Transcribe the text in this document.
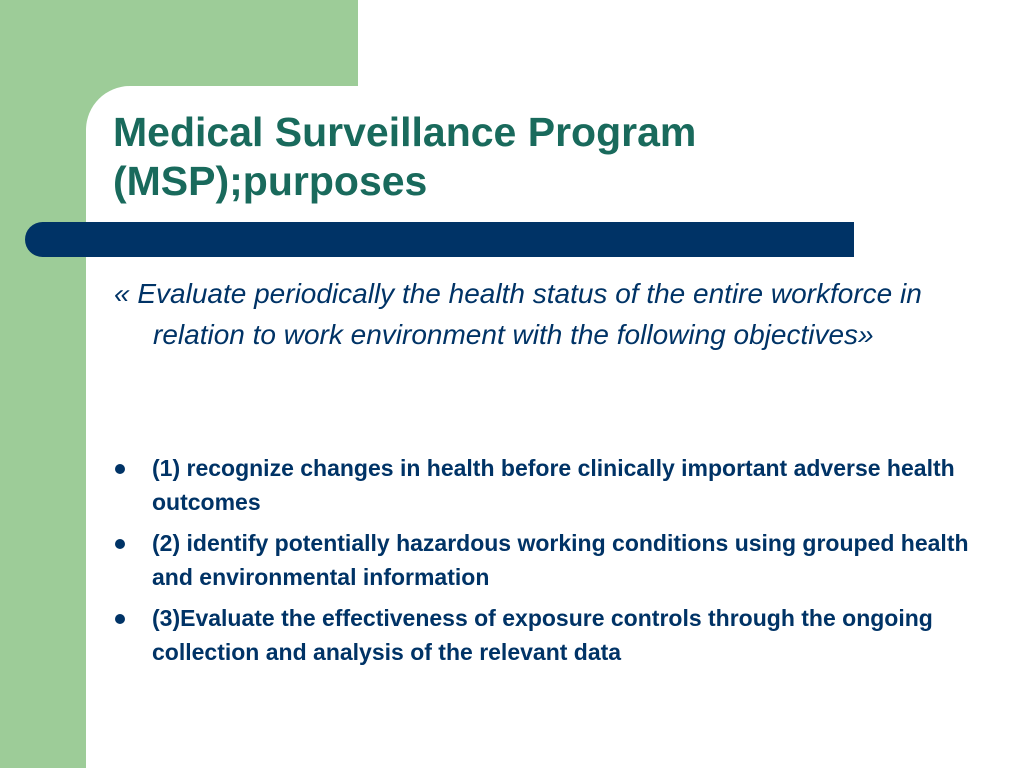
Medical Surveillance Program
(MSP);purposes

« Evaluate periodically the health status of the entire workforce in relation to work environment with the following objectives»

(1) recognize changes in health before clinically important adverse health outcomes
(2) identify potentially hazardous working conditions using grouped health and environmental information
(3)Evaluate the effectiveness of exposure controls through the ongoing collection and analysis of the relevant data
